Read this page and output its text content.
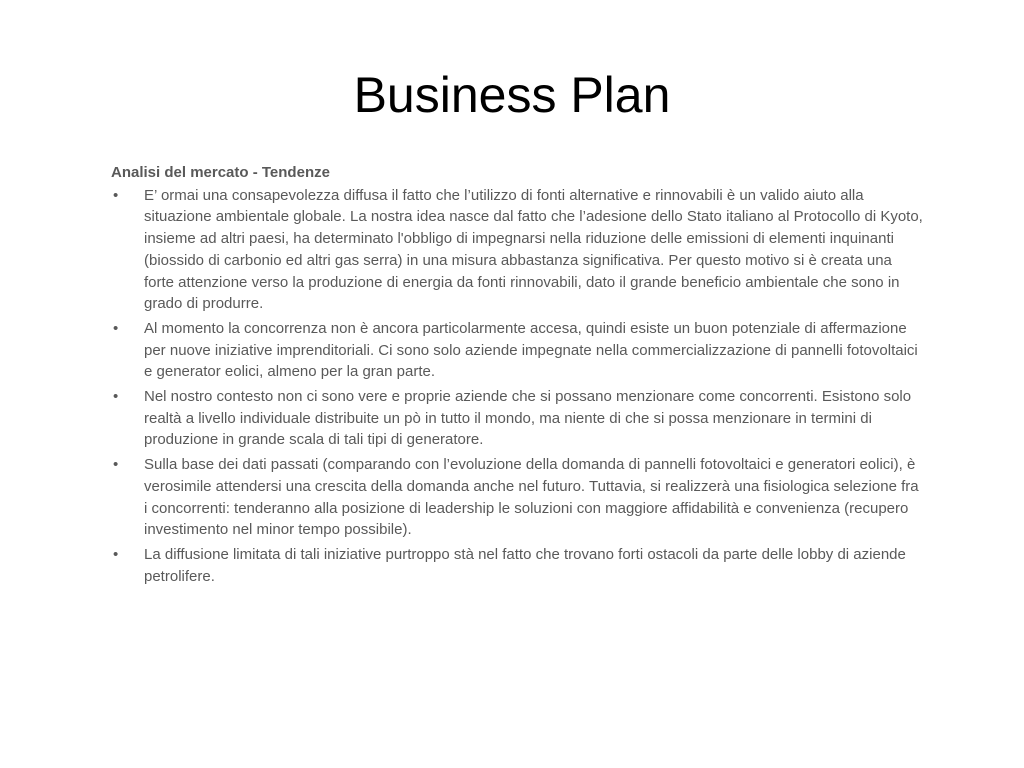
Business Plan
Analisi del mercato - Tendenze
• E’ ormai una consapevolezza diffusa il fatto che l’utilizzo di fonti alternative e rinnovabili è un valido aiuto alla situazione ambientale globale. La nostra idea nasce dal fatto che l’adesione dello Stato italiano al Protocollo di Kyoto, insieme ad altri paesi, ha determinato l'obbligo di impegnarsi nella riduzione delle emissioni di elementi inquinanti (biossido di carbonio ed altri gas serra) in una misura abbastanza significativa. Per questo motivo si è creata una forte attenzione verso la produzione di energia da fonti rinnovabili, dato il grande beneficio ambientale che sono in grado di produrre.
• Al momento la concorrenza non è ancora particolarmente accesa, quindi esiste un buon potenziale di affermazione per nuove iniziative imprenditoriali. Ci sono solo aziende impegnate nella commercializzazione di pannelli fotovoltaici e generator eolici, almeno per la gran parte.
• Nel nostro contesto non ci sono vere e proprie aziende che si possano menzionare come concorrenti. Esistono solo realtà a livello individuale distribuite un pò in tutto il mondo, ma niente di che si possa menzionare in termini di produzione in grande scala di tali tipi di generatore.
• Sulla base dei dati passati (comparando con l’evoluzione della domanda di pannelli fotovoltaici e generatori eolici), è verosimile attendersi una crescita della domanda anche nel futuro. Tuttavia, si realizzerà una fisiologica selezione fra i concorrenti: tenderanno alla posizione di leadership le soluzioni con maggiore affidabilità e convenienza (recupero investimento nel minor tempo possibile).
• La diffusione limitata di tali iniziative purtroppo stà nel fatto che trovano forti ostacoli da parte delle lobby di aziende petrolifere.
